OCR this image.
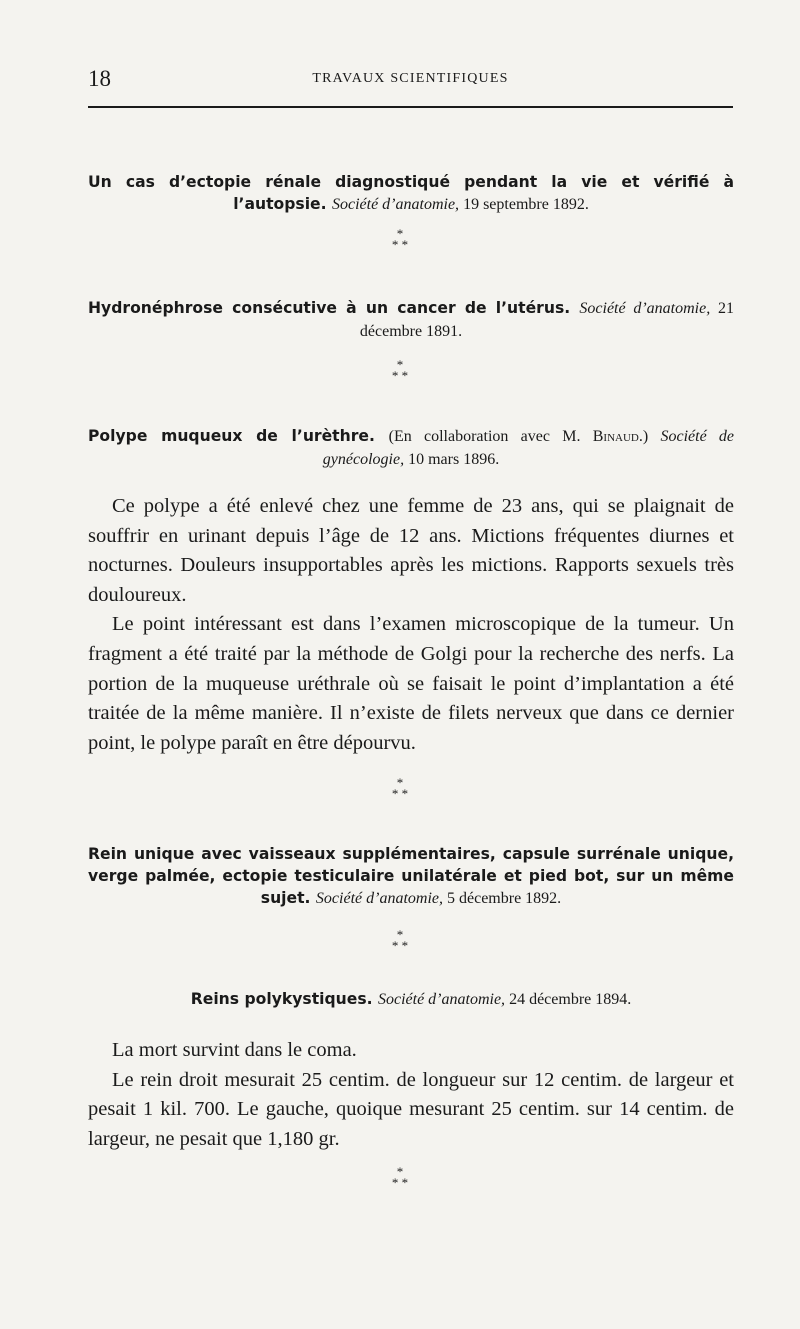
18	TRAVAUX SCIENTIFIQUES
Un cas d’ectopie rénale diagnostiqué pendant la vie et vérifié à l’autopsie. Société d’anatomie, 19 septembre 1892.
*
* *
Hydronéphrose consécutive à un cancer de l’utérus. Société d’anatomie, 21 décembre 1891.
*
* *
Polype muqueux de l’urèthre. (En collaboration avec M. Binaud.) Société de gynécologie, 10 mars 1896.

Ce polype a été enlevé chez une femme de 23 ans, qui se plaignait de souffrir en urinant depuis l’âge de 12 ans. Mictions fréquentes diurnes et nocturnes. Douleurs insupportables après les mictions. Rapports sexuels très douloureux.

Le point intéressant est dans l’examen microscopique de la tumeur. Un fragment a été traité par la méthode de Golgi pour la recherche des nerfs. La portion de la muqueuse uréthrale où se faisait le point d’implantation a été traitée de la même manière. Il n’existe de filets nerveux que dans ce dernier point, le polype paraît en être dépourvu.

*
* *
Rein unique avec vaisseaux supplémentaires, capsule surrénale unique, verge palmée, ectopie testiculaire unilatérale et pied bot, sur un même sujet. Société d’anatomie, 5 décembre 1892.
*
* *
Reins polykystiques. Société d’anatomie, 24 décembre 1894.

La mort survint dans le coma.

Le rein droit mesurait 25 centim. de longueur sur 12 centim. de largeur et pesait 1 kil. 700. Le gauche, quoique mesurant 25 centim. sur 14 centim. de largeur, ne pesait que 1,180 gr.

*
* *
